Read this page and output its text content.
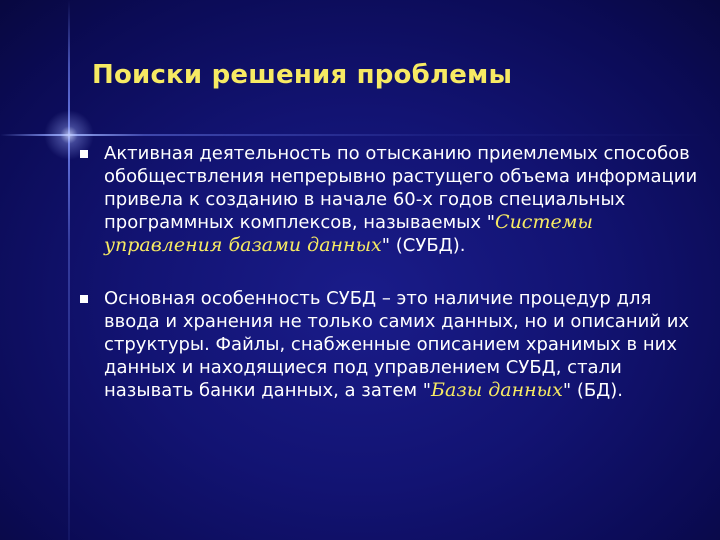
Поиски решения проблемы
Активная деятельность по отысканию приемлемых способов обобществления непрерывно растущего объема информации привела к созданию в начале 60-х годов специальных программных комплексов, называемых "Системы управления базами данных" (СУБД).
Основная особенность СУБД – это наличие процедур для ввода и хранения не только самих данных, но и описаний их структуры. Файлы, снабженные описанием хранимых в них данных и находящиеся под управлением СУБД, стали называть банки данных, а затем "Базы данных" (БД).
